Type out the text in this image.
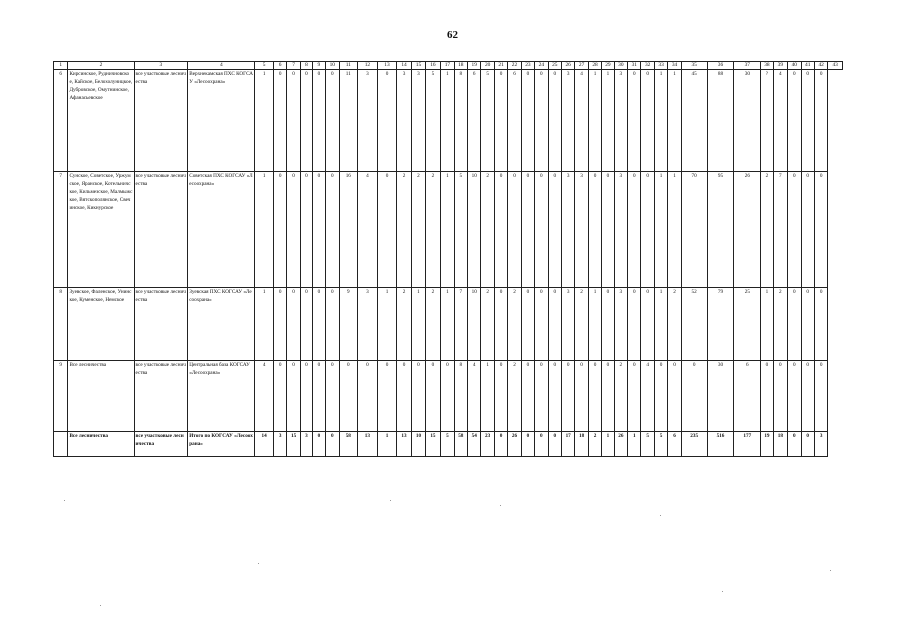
62
1	2	3	4	5	6	7	8	9	10	11	12	13	14	15	16	17	18	19	20	21	22	23	24	25	26	27	28	29	30	31	32	33	34	35	36	37	38	39	40	41	42	43
6	Кирсинское, Рудничновское, Кайское, Белохолуницкое, Дубровское, Омутнинское, Афанасьевское	все участковые лесничества	Верхнекамская ПХС КОГСАУ «Лесоохрана»	1	0	0	0	0	0	11	3	0	3	3	5	1	8	6	5	0	6	0	0	0	3	4	1	1	3	0	0	1	1	45	88	30	?	4	0	0	0	
7	Сунское, Советское, Уржумское, Яранское, Котельничское, Кильмезское, Малмыжское, Вятскополянское, Свечинское, Кикнурское	все участковые лесничества	Советская ПХС КОГСАУ «Лесоохрана»	1	0	0	0	0	0	16	4	0	2	2	2	1	5	10	2	0	0	0	0	0	3	3	0	0	3	0	0	1	1	70	95	26	2	7	0	0	0	
8	Зуевское, Фаленское, Унинское, Куменское, Немское	все участковые лесничества	Зуевская ПХС КОГСАУ «Лесоохрана»	1	0	0	0	0	0	9	3	1	2	1	2	1	7	10	2	0	2	0	0	0	3	2	1	0	3	0	0	1	2	52	79	25	1	2	0	0	0	
9	Все лесничества	все участковые лесничества	Центральная база КОГСАУ «Лесоохрана»	4	0	0	0	0	0	0	0	0	0	0	0	0	8	4	1	0	2	0	0	0	0	0	0	0	2	0	4	0	0	0	30	6	0	0	0	0	0	
	Все лесничества	все участковые лесничества	Итого по КОГСАУ «Лесоохрана»	14	3	15	3	0	0	58	13	1	13	10	15	5	58	54	23	0	26	0	0	0	17	18	2	1	26	1	5	5	6	235	516	177	19	18	0	0	3	
